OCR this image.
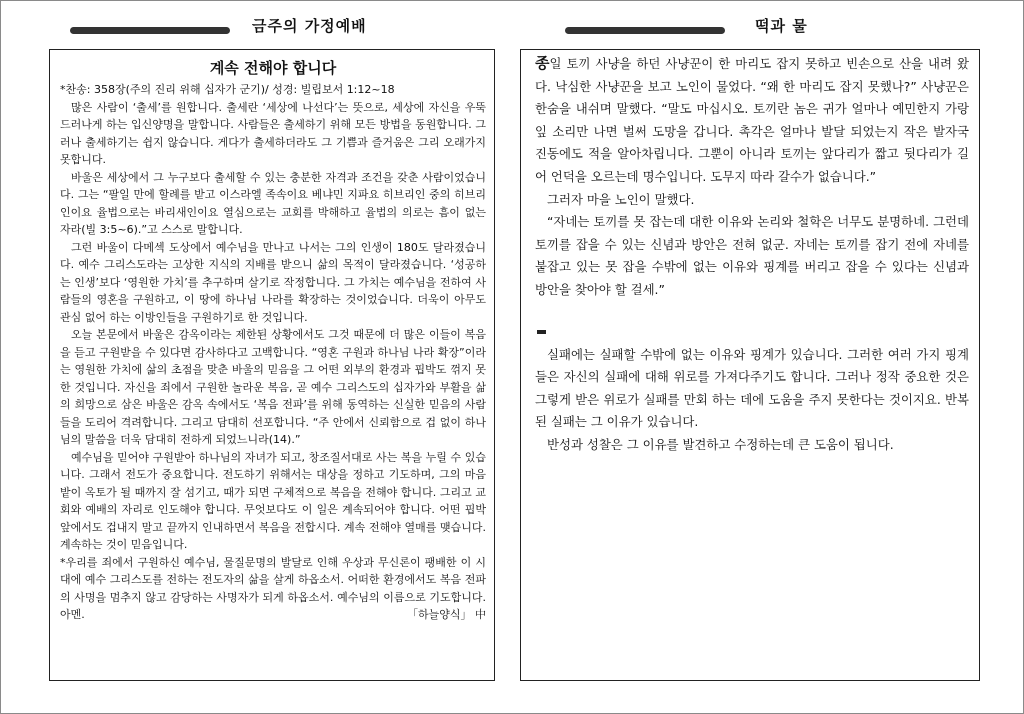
금주의 가정예배	떡과 물
계속 전해야 합니다

*찬송: 358장(주의 진리 위해 십자가 군기)/ 성경: 빌립보서 1:12~18

많은 사람이 ‘출세’를 원합니다. 출세란 ‘세상에 나선다’는 뜻으로, 세상에 자신을 우뚝 드러나게 하는 입신양명을 말합니다. 사람들은 출세하기 위해 모든 방법을 동원합니다. 그러나 출세하기는 쉽지 않습니다. 게다가 출세하더라도 그 기쁨과 즐거움은 그리 오래가지 못합니다.

바울은 세상에서 그 누구보다 출세할 수 있는 충분한 자격과 조건을 갖춘 사람이었습니다. 그는 “팔일 만에 할례를 받고 이스라엘 족속이요 베냐민 지파요 히브리인 중의 히브리인이요 율법으로는 바리새인이요 열심으로는 교회를 박해하고 율법의 의로는 흠이 없는 자라(빌 3:5~6).”고 스스로 말합니다.

그런 바울이 다메섹 도상에서 예수님을 만나고 나서는 그의 인생이 180도 달라졌습니다. 예수 그리스도라는 고상한 지식의 지배를 받으니 삶의 목적이 달라졌습니다. ‘성공하는 인생’보다 ‘영원한 가치’를 추구하며 살기로 작정합니다. 그 가치는 예수님을 전하여 사람들의 영혼을 구원하고, 이 땅에 하나님 나라를 확장하는 것이었습니다. 더욱이 아무도 관심 없어 하는 이방인들을 구원하기로 한 것입니다.

오늘 본문에서 바울은 감옥이라는 제한된 상황에서도 그것 때문에 더 많은 이들이 복음을 듣고 구원받을 수 있다면 감사하다고 고백합니다. “영혼 구원과 하나님 나라 확장”이라는 영원한 가치에 삶의 초점을 맞춘 바울의 믿음을 그 어떤 외부의 환경과 핍박도 꺾지 못한 것입니다. 자신을 죄에서 구원한 놀라운 복음, 곧 예수 그리스도의 십자가와 부활을 삶의 희망으로 삼은 바울은 감옥 속에서도 ‘복음 전파’를 위해 동역하는 신실한 믿음의 사람들을 도리어 격려합니다. 그리고 담대히 선포합니다. “주 안에서 신뢰함으로 겁 없이 하나님의 말씀을 더욱 담대히 전하게 되었느니라(14).”

예수님을 믿어야 구원받아 하나님의 자녀가 되고, 창조질서대로 사는 복을 누릴 수 있습니다. 그래서 전도가 중요합니다. 전도하기 위해서는 대상을 정하고 기도하며, 그의 마음 밭이 옥토가 될 때까지 잘 섬기고, 때가 되면 구체적으로 복음을 전해야 합니다. 그리고 교회와 예배의 자리로 인도해야 합니다. 무엇보다도 이 일은 계속되어야 합니다. 어떤 핍박 앞에서도 겁내지 말고 끝까지 인내하면서 복음을 전합시다. 계속 전해야 열매를 맺습니다. 계속하는 것이 믿음입니다.

*우리를 죄에서 구원하신 예수님, 물질문명의 발달로 인해 우상과 무신론이 팽배한 이 시대에 예수 그리스도를 전하는 전도자의 삶을 살게 하옵소서. 어떠한 환경에서도 복음 전파의 사명을 멈추지 않고 감당하는 사명자가 되게 하옵소서. 예수님의 이름으로 기도합니다. 아멘.	「하늘양식」 中

종일 토끼 사냥을 하던 사냥꾼이 한 마리도 잡지 못하고 빈손으로 산을 내려 왔다. 낙심한 사냥꾼을 보고 노인이 물었다. “왜 한 마리도 잡지 못했나?” 사냥꾼은 한숨을 내쉬며 말했다. “말도 마십시오. 토끼란 놈은 귀가 얼마나 예민한지 가랑잎 소리만 나면 벌써 도망을 갑니다. 촉각은 얼마나 발달 되었는지 작은 발자국 진동에도 적을 알아차립니다. 그뿐이 아니라 토끼는 앞다리가 짧고 뒷다리가 길어 언덕을 오르는데 명수입니다. 도무지 따라 갈수가 없습니다.”

그러자 마을 노인이 말했다.

“자네는 토끼를 못 잡는데 대한 이유와 논리와 철학은 너무도 분명하네. 그런데 토끼를 잡을 수 있는 신념과 방안은 전혀 없군. 자네는 토끼를 잡기 전에 자네를 붙잡고 있는 못 잡을 수밖에 없는 이유와 핑계를 버리고 잡을 수 있다는 신념과 방안을 찾아야 할 걸세.”

실패에는 실패할 수밖에 없는 이유와 핑계가 있습니다. 그러한 여러 가지 핑계들은 자신의 실패에 대해 위로를 가져다주기도 합니다. 그러나 정작 중요한 것은 그렇게 받은 위로가 실패를 만회 하는 데에 도움을 주지 못한다는 것이지요. 반복된 실패는 그 이유가 있습니다.

반성과 성찰은 그 이유를 발견하고 수정하는데 큰 도움이 됩니다.
